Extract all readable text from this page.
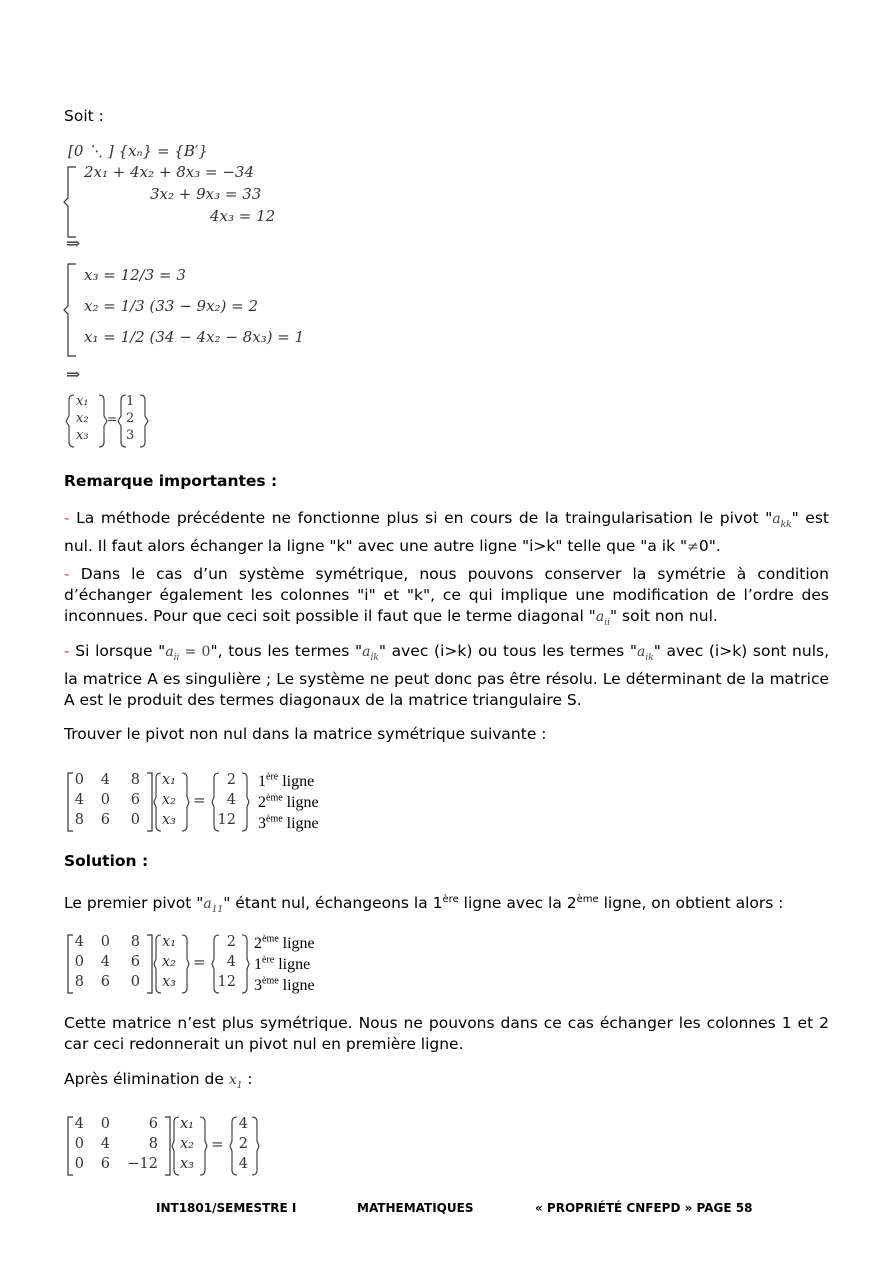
Soit :
[0 ⋱ ] {xₙ} = {B′}
2x₁ + 4x₂ + 8x₃ = −34
3x₂ + 9x₃ = 33
4x₃ = 12
⇒
x₃ = 12/3 = 3
x₂ = 1/3 (33 − 9x₂) = 2
x₁ = 1/2 (34 − 4x₂ − 8x₃) = 1
⇒
x₁
x₂
x₃
=
1
2
3
Remarque importantes :
- La méthode précédente ne fonctionne plus si en cours de la traingularisation le pivot "$a_{kk}$" est nul. Il faut alors échanger la ligne "k" avec une autre ligne "i>k" telle que "a ik "≠0".
- Dans le cas d’un système symétrique, nous pouvons conserver la symétrie à condition d’échanger également les colonnes "i" et "k", ce qui implique une modification de l’ordre des inconnues. Pour que ceci soit possible il faut que le terme diagonal "$a_{ii}$" soit non nul.
- Si lorsque "$a_{ii} = 0$", tous les termes "$a_{ik}$" avec (i>k) ou tous les termes "$a_{ik}$" avec (i>k) sont nuls, la matrice A es singulière ; Le système ne peut donc pas être résolu. Le déterminant de la matrice A est le produit des termes diagonaux de la matrice triangulaire S.
Trouver le pivot non nul dans la matrice symétrique suivante :
0	4	8
4	0	6
8	6	0
x₁
x₂
x₃
=
2
4
12
1ère ligne
2ème ligne
3ème ligne
Solution :
Le premier pivot "$a_{11}$" étant nul, échangeons la 1ère ligne avec la 2ème ligne, on obtient alors :
4	0	8
0	4	6
8	6	0
x₁
x₂
x₃
=
2
4
12
2ème ligne
1ère ligne
3ème ligne
Cette matrice n’est plus symétrique. Nous ne pouvons dans ce cas échanger les colonnes 1 et 2 car ceci redonnerait un pivot nul en première ligne.
Après élimination de $x_1$ :
4	0	6
0	4	8
0	6 −12
x₁
x₂
x₃
=
4
2
4
INT1801/SEMESTRE I	MATHEMATIQUES	« PROPRIÉTÉ CNFEPD » PAGE 58
